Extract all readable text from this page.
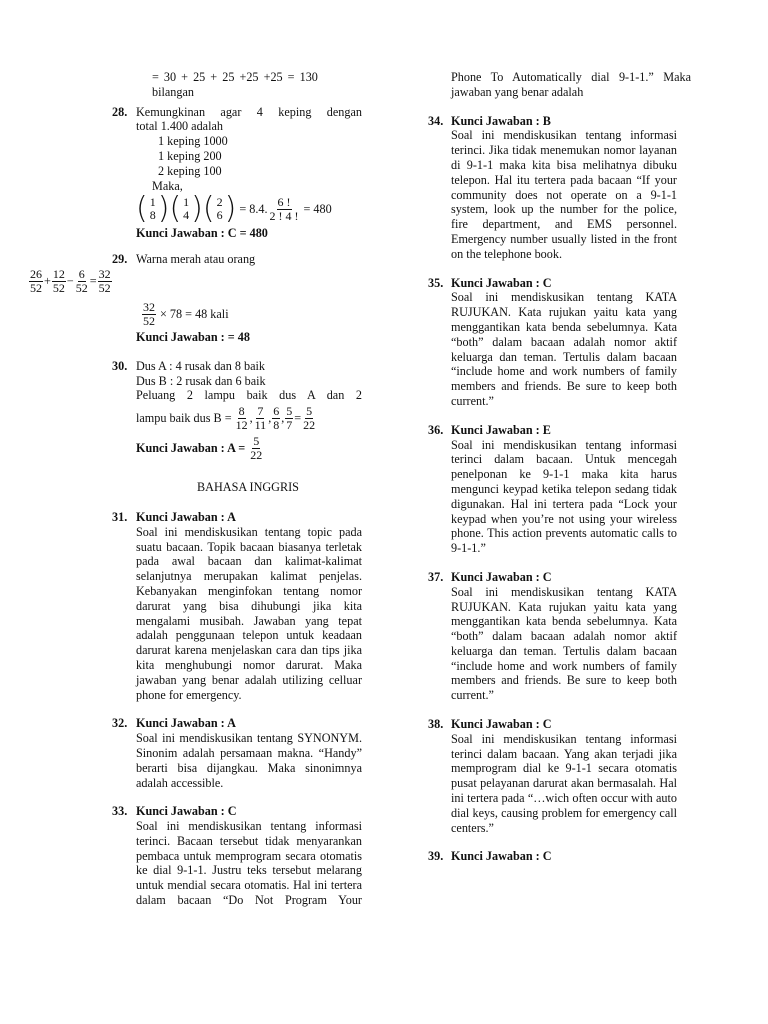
= 30 + 25 + 25 +25 +25 = 130
bilangan
28. Kemungkinan agar 4 keping dengan

total 1.400 adalah
1 keping 1000
1 keping 200
2 keping 100
Maka,
( 1
8 ) ( 1
4 ) ( 2
6 ) = 8.4. $\frac{6 !}{2 ! 4 !} = 480$
Kunci Jawaban : C = 480
29. Warna merah atau orang
$\frac{26}{52} + \frac{12}{52} - \frac{6}{52} = \frac{32}{52}$
$\frac{32}{52} \times 78 = 48$ kali
Kunci Jawaban : = 48
30. Dus A : 4 rusak dan 8 baik
Dus B : 2 rusak dan 6 baik

Peluang 2 lampu baik dus A dan 2

lampu baik dus $B = \frac{8}{12}$ , $\frac{7}{11}$ , $\frac{6}{8}$ , $\frac{5}{7} = \frac{5}{22}$
Kunci Jawaban : $A = \frac{5}{22}$
BAHASA INGGRIS
31. Kunci Jawaban : A

Soal ini mendiskusikan tentang topic pada suatu bacaan. Topik bacaan biasanya terletak pada awal bacaan dan kalimat-kalimat selanjutnya merupakan kalimat penjelas. Kebanyakan menginfokan tentang nomor darurat yang bisa dihubungi jika kita mengalami musibah. Jawaban yang tepat adalah penggunaan telepon untuk keadaan darurat karena menjelaskan cara dan tips jika kita menghubungi nomor darurat. Maka jawaban yang benar adalah utilizing celluar phone for emergency.

32. Kunci Jawaban : A

Soal ini mendiskusikan tentang SYNONYM. Sinonim adalah persamaan makna. “Handy” berarti bisa dijangkau. Maka sinonimnya adalah accessible.

33. Kunci Jawaban : C

Soal ini mendiskusikan tentang informasi terinci. Bacaan tersebut tidak menyarankan pembaca untuk memprogram secara otomatis ke dial 9-1-1. Justru teks tersebut melarang untuk mendial secara otomatis. Hal ini tertera dalam bacaan “Do Not Program Your

Phone To Automatically dial 9-1-1.” Maka jawaban yang benar adalah

34. Kunci Jawaban : B

Soal ini mendiskusikan tentang informasi terinci. Jika tidak menemukan nomor layanan di 9-1-1 maka kita bisa melihatnya dibuku telepon. Hal itu tertera pada bacaan “If your community does not operate on a 9-1-1 system, look up the number for the police, fire department, and EMS personnel. Emergency number usually listed in the front on the telephone book.

35. Kunci Jawaban : C

Soal ini mendiskusikan tentang KATA RUJUKAN. Kata rujukan yaitu kata yang menggantikan kata benda sebelumnya. Kata “both” dalam bacaan adalah nomor aktif keluarga dan teman. Tertulis dalam bacaan “include home and work numbers of family members and friends. Be sure to keep both current.”

36. Kunci Jawaban : E

Soal ini mendiskusikan tentang informasi terinci dalam bacaan. Untuk mencegah penelponan ke 9-1-1 maka kita harus mengunci keypad ketika telepon sedang tidak digunakan. Hal ini tertera pada “Lock your keypad when you’re not using your wireless phone. This action prevents automatic calls to 9-1-1.”

37. Kunci Jawaban : C

Soal ini mendiskusikan tentang KATA RUJUKAN. Kata rujukan yaitu kata yang menggantikan kata benda sebelumnya. Kata “both” dalam bacaan adalah nomor aktif keluarga dan teman. Tertulis dalam bacaan “include home and work numbers of family members and friends. Be sure to keep both current.”

38. Kunci Jawaban : C

Soal ini mendiskusikan tentang informasi terinci dalam bacaan. Yang akan terjadi jika memprogram dial ke 9-1-1 secara otomatis pusat pelayanan darurat akan bermasalah. Hal ini tertera pada “…wich often occur with auto dial keys, causing problem for emergency call centers.”

39. Kunci Jawaban : C
